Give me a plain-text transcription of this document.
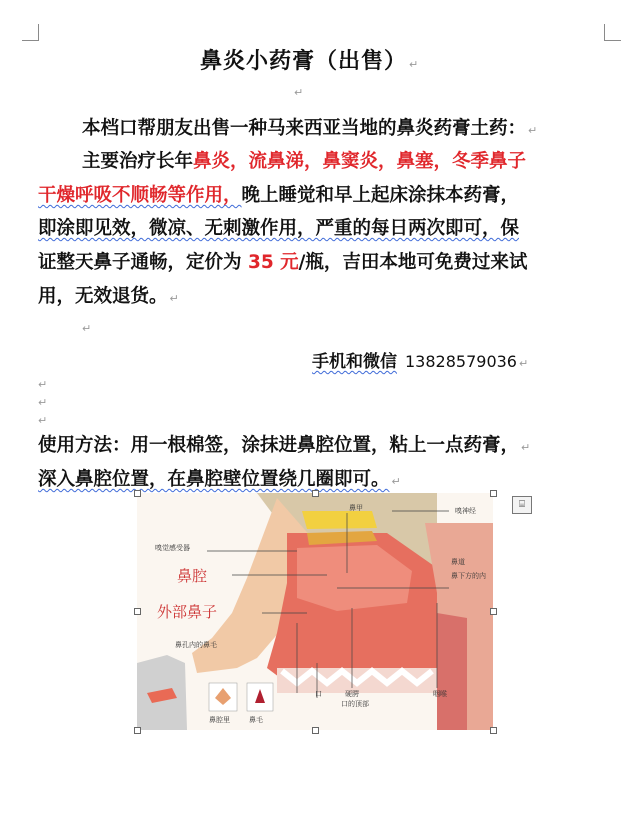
鼻炎小药膏（出售） ↵
↵
本档口帮朋友出售一种马来西亚当地的鼻炎药膏土药： ↵
主要治疗长年鼻炎，流鼻涕，鼻窦炎，鼻塞，冬季鼻子
干燥呼吸不顺畅等作用，晚上睡觉和早上起床涂抹本药膏，
即涂即见效，微凉、无刺激作用，严重的每日两次即可，保
证整天鼻子通畅，定价为 35 元/瓶，吉田本地可免费过来试
用，无效退货。 ↵
↵
手机和微信 13828579036 ↵
↵
↵
↵
使用方法：用一根棉签，涂抹进鼻腔位置，粘上一点药膏， ↵
深入鼻腔位置，在鼻腔壁位置绕几圈即可。 ↵
嗅觉感受器
鼻腔
外部鼻子
鼻孔内的鼻毛
鼻甲	嗅神经
鼻道
鼻下方的内
口	硬腭
口的顶部
咽喉
鼻腔里	鼻毛
⌸
